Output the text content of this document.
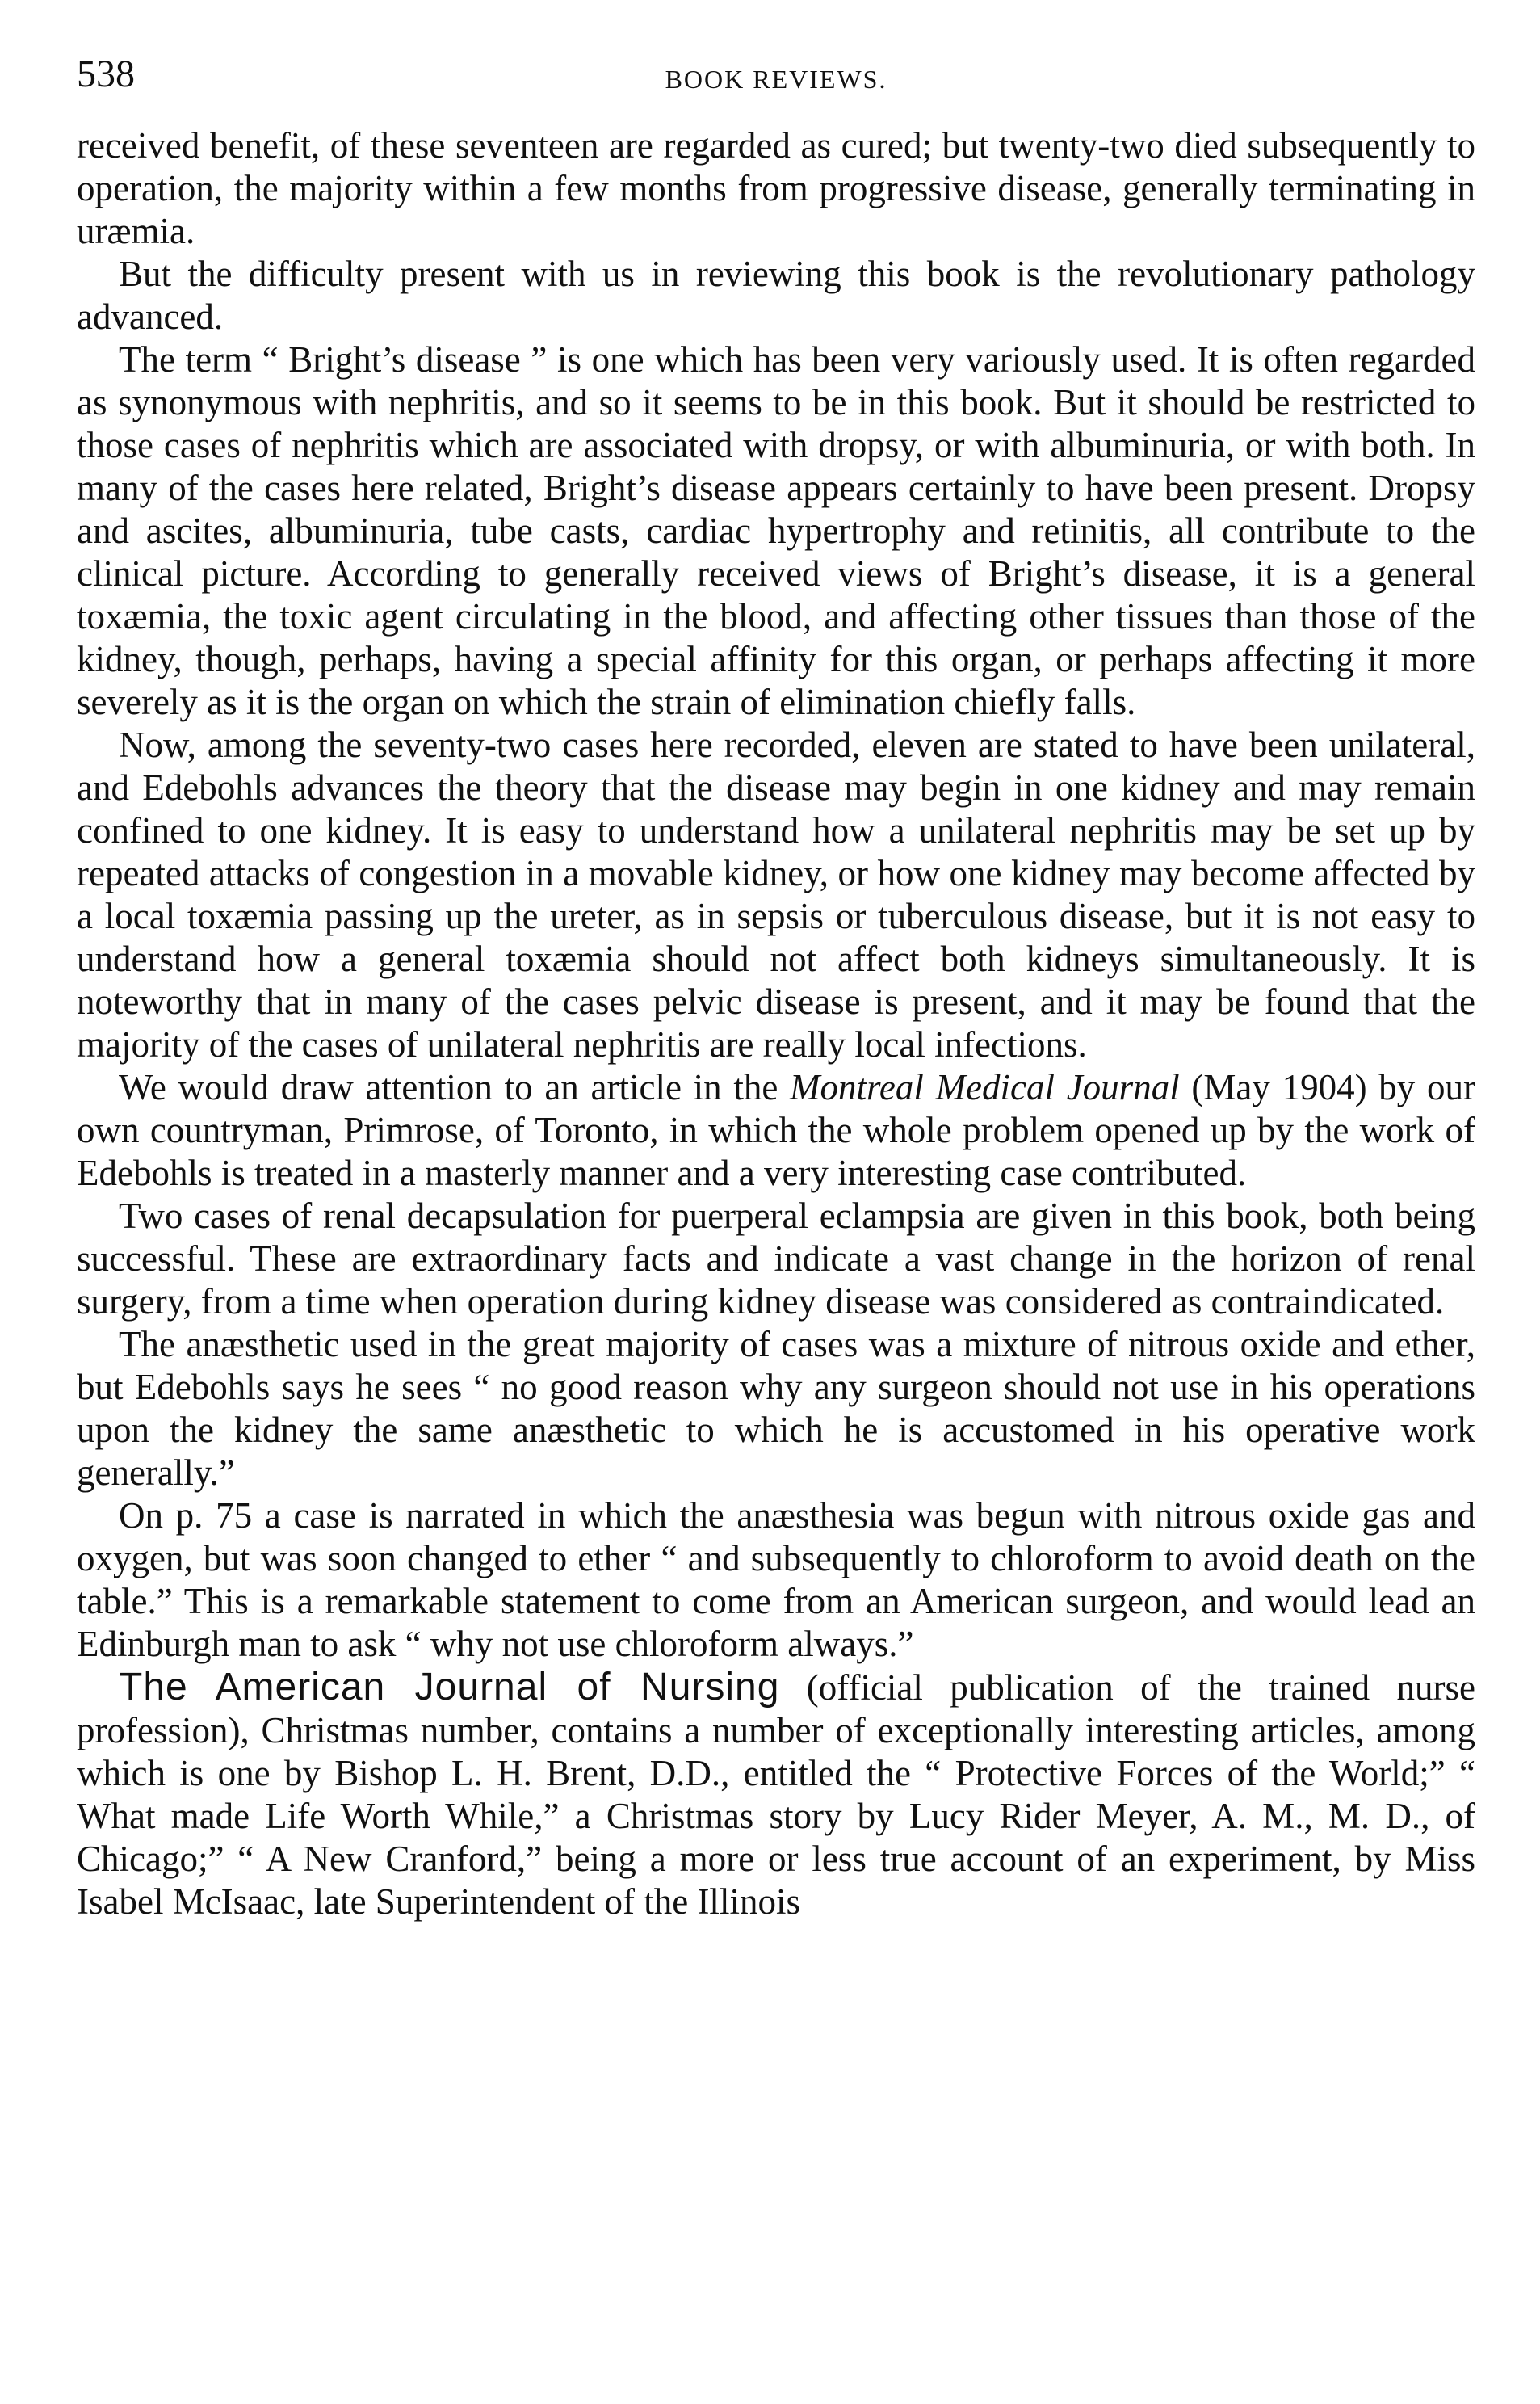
538	BOOK REVIEWS.

received benefit, of these seventeen are regarded as cured; but twenty-two died subsequently to operation, the majority within a few months from progressive disease, generally terminating in uræmia.

But the difficulty present with us in reviewing this book is the revolutionary pathology advanced.

The term “ Bright’s disease ” is one which has been very variously used. It is often regarded as synonymous with nephritis, and so it seems to be in this book. But it should be restricted to those cases of nephritis which are associated with dropsy, or with albuminuria, or with both. In many of the cases here related, Bright’s disease appears certainly to have been present. Dropsy and ascites, albuminuria, tube casts, cardiac hypertrophy and retinitis, all contribute to the clinical picture. According to generally received views of Bright’s disease, it is a general toxæmia, the toxic agent circulating in the blood, and affecting other tissues than those of the kidney, though, perhaps, having a special affinity for this organ, or perhaps affecting it more severely as it is the organ on which the strain of elimination chiefly falls.

Now, among the seventy-two cases here recorded, eleven are stated to have been unilateral, and Edebohls advances the theory that the disease may begin in one kidney and may remain confined to one kidney. It is easy to understand how a unilateral nephritis may be set up by repeated attacks of congestion in a movable kidney, or how one kidney may become affected by a local toxæmia passing up the ureter, as in sepsis or tuberculous disease, but it is not easy to understand how a general toxæmia should not affect both kidneys simultaneously. It is noteworthy that in many of the cases pelvic disease is present, and it may be found that the majority of the cases of unilateral nephritis are really local infections.

We would draw attention to an article in the Montreal Medical Journal (May 1904) by our own countryman, Primrose, of Toronto, in which the whole problem opened up by the work of Edebohls is treated in a masterly manner and a very interesting case contributed.

Two cases of renal decapsulation for puerperal eclampsia are given in this book, both being successful. These are extraordinary facts and indicate a vast change in the horizon of renal surgery, from a time when operation during kidney disease was considered as contraindicated.

The anæsthetic used in the great majority of cases was a mixture of nitrous oxide and ether, but Edebohls says he sees “ no good reason why any surgeon should not use in his operations upon the kidney the same anæsthetic to which he is accustomed in his operative work generally.”

On p. 75 a case is narrated in which the anæsthesia was begun with nitrous oxide gas and oxygen, but was soon changed to ether “ and subsequently to chloroform to avoid death on the table.” This is a remarkable statement to come from an American surgeon, and would lead an Edinburgh man to ask “ why not use chloroform always.”

The American Journal of Nursing (official publication of the trained nurse profession), Christmas number, contains a number of exceptionally interesting articles, among which is one by Bishop L. H. Brent, D.D., entitled the “ Protective Forces of the World;” “ What made Life Worth While,” a Christmas story by Lucy Rider Meyer, A. M., M. D., of Chicago;” “ A New Cranford,” being a more or less true account of an experiment, by Miss Isabel McIsaac, late Superintendent of the Illinois
